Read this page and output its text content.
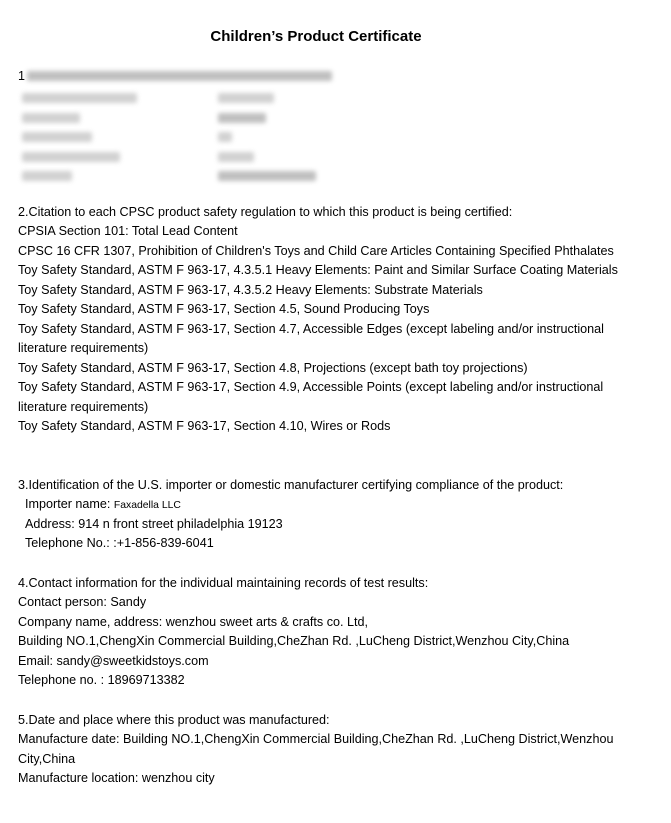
Children’s Product Certificate
1
2.Citation to each CPSC product safety regulation to which this product is being certified:
CPSIA Section 101: Total Lead Content
CPSC 16 CFR 1307, Prohibition of Children's Toys and Child Care Articles Containing Specified Phthalates
Toy Safety Standard, ASTM F 963-17, 4.3.5.1 Heavy Elements: Paint and Similar Surface Coating Materials
Toy Safety Standard, ASTM F 963-17, 4.3.5.2 Heavy Elements: Substrate Materials
Toy Safety Standard, ASTM F 963-17, Section 4.5, Sound Producing Toys
Toy Safety Standard, ASTM F 963-17, Section 4.7, Accessible Edges (except labeling and/or instructional
literature requirements)
Toy Safety Standard, ASTM F 963-17, Section 4.8, Projections (except bath toy projections)
Toy Safety Standard, ASTM F 963-17, Section 4.9, Accessible Points (except labeling and/or instructional
literature requirements)
Toy Safety Standard, ASTM F 963-17, Section 4.10, Wires or Rods
3.Identification of the U.S. importer or domestic manufacturer certifying compliance of the product:
Importer name: Faxadella LLC
Address: 914 n front street philadelphia 19123
Telephone No.: :+1-856-839-6041
4.Contact information for the individual maintaining records of test results:
Contact person: Sandy
Company name, address: wenzhou sweet arts & crafts co. Ltd,
Building NO.1,ChengXin Commercial Building,CheZhan Rd. ,LuCheng District,Wenzhou City,China
Email: sandy@sweetkidstoys.com
Telephone no. : 18969713382
5.Date and place where this product was manufactured:
Manufacture date: Building NO.1,ChengXin Commercial Building,CheZhan Rd. ,LuCheng District,Wenzhou
City,China
Manufacture location: wenzhou city
